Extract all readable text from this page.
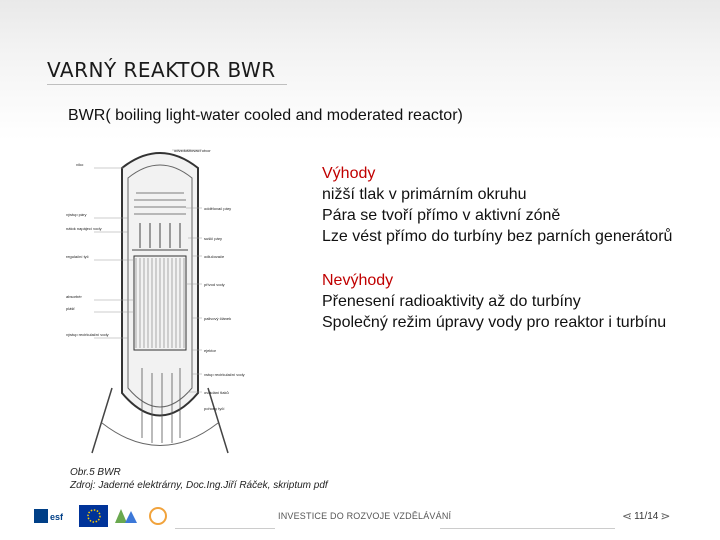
VARNÝ REAKTOR BWR
BWR( boiling light-water cooled and moderated reactor)
odvzdušňovací otvor
víko
výstup páry
oddělovač páry
nátok napájecí vody
sušič páry
odlučovače
přívod vody
regulační tyč
palivový článek
absorbér
plášť
ejektor
výstup recirkulační vody
vstup recirkulační vody
ovládání tlaků
pohony tyčí
Výhody
nižší tlak v primárním okruhu
Pára se tvoří přímo v aktivní zóně
Lze vést přímo do turbíny bez parních generátorů
Nevýhody
Přenesení radioaktivity až do turbíny
Společný režim úpravy vody pro reaktor i turbínu
Obr.5 BWR
Zdroj: Jaderné elektrárny, Doc.Ing.Jiří Ráček, skriptum pdf
esf	INVESTICE DO ROZVOJE VZDĚLÁVÁNÍ	⋖ 11/14 ⋗
